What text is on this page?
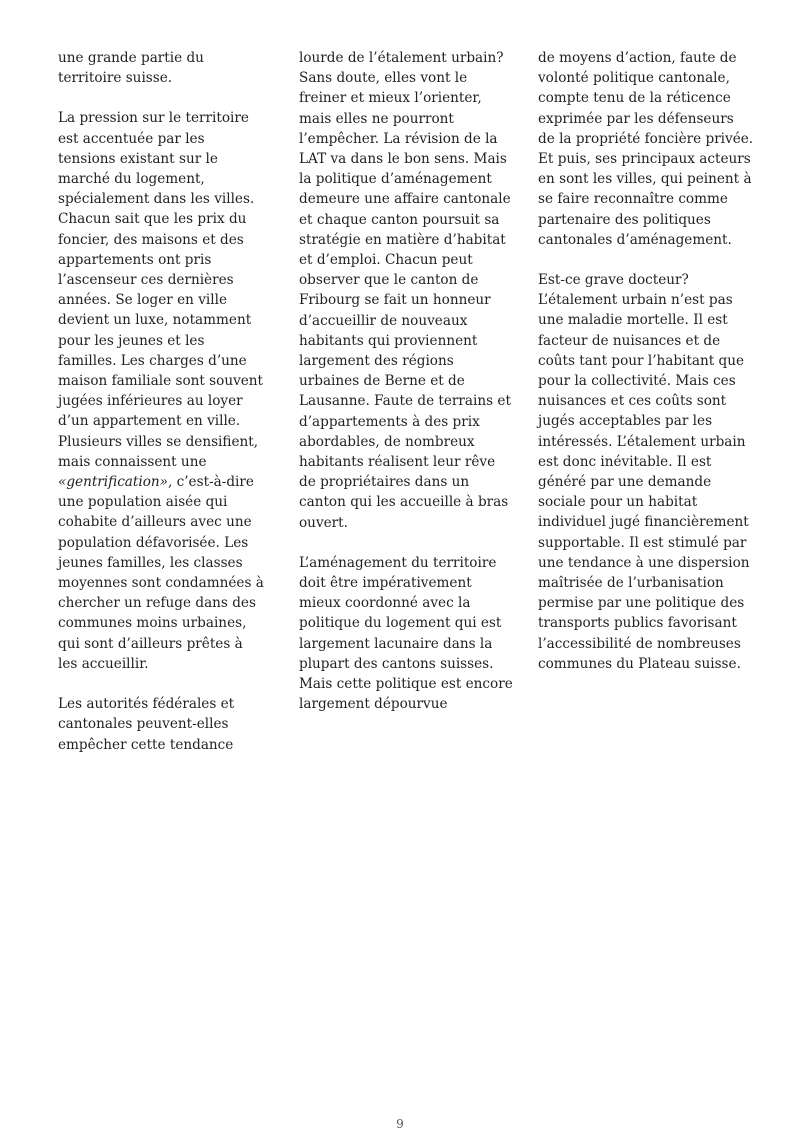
une grande partie du territoire suisse.

La pression sur le territoire est accentuée par les tensions existant sur le marché du logement, spécialement dans les villes. Chacun sait que les prix du foncier, des maisons et des appartements ont pris l’ascenseur ces dernières années. Se loger en ville devient un luxe, notamment pour les jeunes et les familles. Les charges d’une maison familiale sont souvent jugées inférieures au loyer d’un appartement en ville. Plusieurs villes se densifient, mais connaissent une «gentrification», c’est-à-dire une population aisée qui cohabite d’ailleurs avec une population défavorisée. Les jeunes familles, les classes moyennes sont condamnées à chercher un refuge dans des communes moins urbaines, qui sont d’ailleurs prêtes à les accueillir.

Les autorités fédérales et cantonales peuvent-elles empêcher cette tendance

lourde de l’étalement urbain? Sans doute, elles vont le freiner et mieux l’orienter, mais elles ne pourront l’empêcher. La révision de la LAT va dans le bon sens. Mais la politique d’aménagement demeure une affaire cantonale et chaque canton poursuit sa stratégie en matière d’habitat et d’emploi. Chacun peut observer que le canton de Fribourg se fait un honneur d’accueillir de nouveaux habitants qui proviennent largement des régions urbaines de Berne et de Lausanne. Faute de terrains et d’appartements à des prix abordables, de nombreux habitants réalisent leur rêve de propriétaires dans un canton qui les accueille à bras ouvert.

L’aménagement du territoire doit être impérativement mieux coordonné avec la politique du logement qui est largement lacunaire dans la plupart des cantons suisses. Mais cette politique est encore largement dépourvue

de moyens d’action, faute de volonté politique cantonale, compte tenu de la réticence exprimée par les défenseurs de la propriété foncière privée. Et puis, ses principaux acteurs en sont les villes, qui peinent à se faire reconnaître comme partenaire des politiques cantonales d’aménagement.

Est-ce grave docteur? L’étalement urbain n’est pas une maladie mortelle. Il est facteur de nuisances et de coûts tant pour l’habitant que pour la collectivité. Mais ces nuisances et ces coûts sont jugés acceptables par les intéressés. L’étalement urbain est donc inévitable. Il est généré par une demande sociale pour un habitat individuel jugé financièrement supportable. Il est stimulé par une tendance à une dispersion maîtrisée de l’urbanisation permise par une politique des transports publics favorisant l’accessibilité de nombreuses communes du Plateau suisse.

9
